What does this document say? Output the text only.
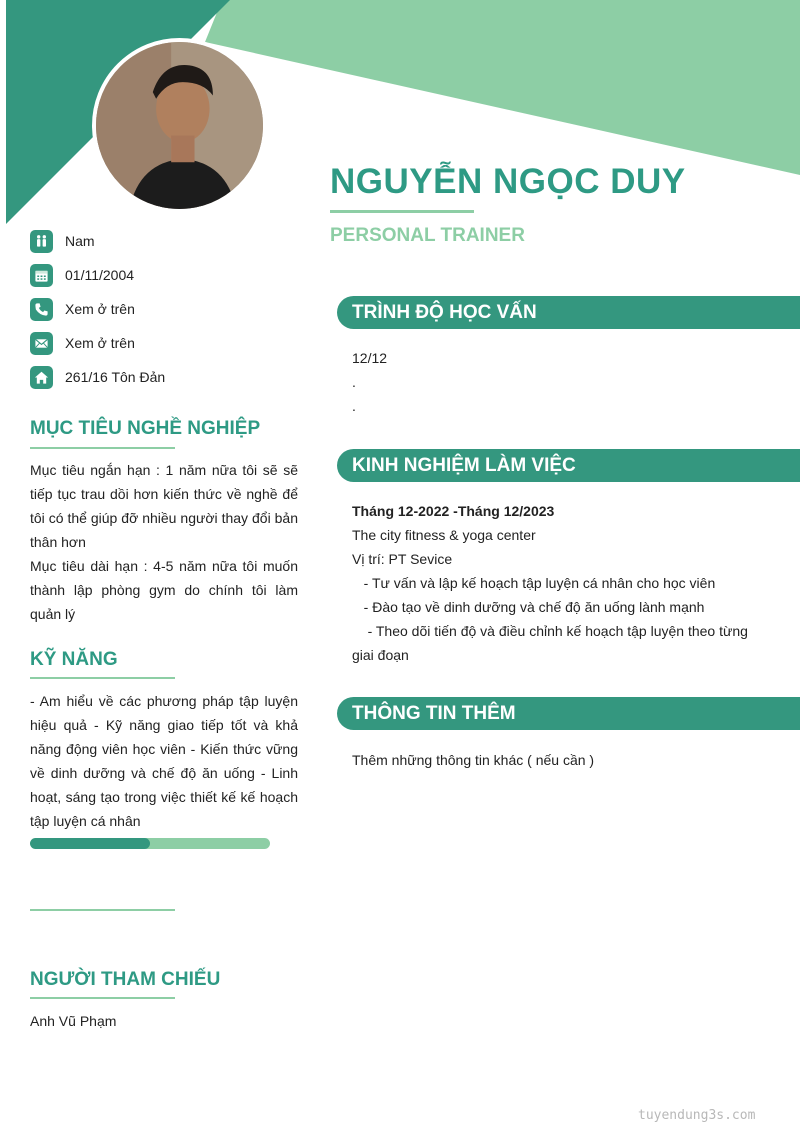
NGUYỄN NGỌC DUY
PERSONAL TRAINER
Nam
01/11/2004
Xem ở trên
Xem ở trên
261/16 Tôn Đản
MỤC TIÊU NGHỀ NGHIỆP

Mục tiêu ngắn hạn : 1 năm nữa tôi sẽ sẽ tiếp tục trau dồi hơn kiến thức về nghề để tôi có thể giúp đỡ nhiều người thay đổi bản thân hơn

Mục tiêu dài hạn : 4-5 năm nữa tôi muốn thành lập phòng gym do chính tôi làm quản lý

KỸ NĂNG
- Am hiểu về các phương pháp tập luyện hiệu quả - Kỹ năng giao tiếp tốt và khả năng động viên học viên - Kiến thức vững về dinh dưỡng và chế độ ăn uống - Linh hoạt, sáng tạo trong việc thiết kế kế hoạch tập luyện cá nhân
NGƯỜI THAM CHIẾU
Anh Vũ Phạm
TRÌNH ĐỘ HỌC VẤN

12/12

.

.

KINH NGHIỆM LÀM VIỆC

Tháng 12-2022 -Tháng 12/2023

The city fitness & yoga center

Vị trí: PT Sevice

- Tư vấn và lập kế hoạch tập luyện cá nhân cho học viên

- Đào tạo về dinh dưỡng và chế độ ăn uống lành mạnh

- Theo dõi tiến độ và điều chỉnh kế hoạch tập luyện theo từng giai đoạn

THÔNG TIN THÊM
Thêm những thông tin khác ( nếu cần )
tuyendung3s.com
